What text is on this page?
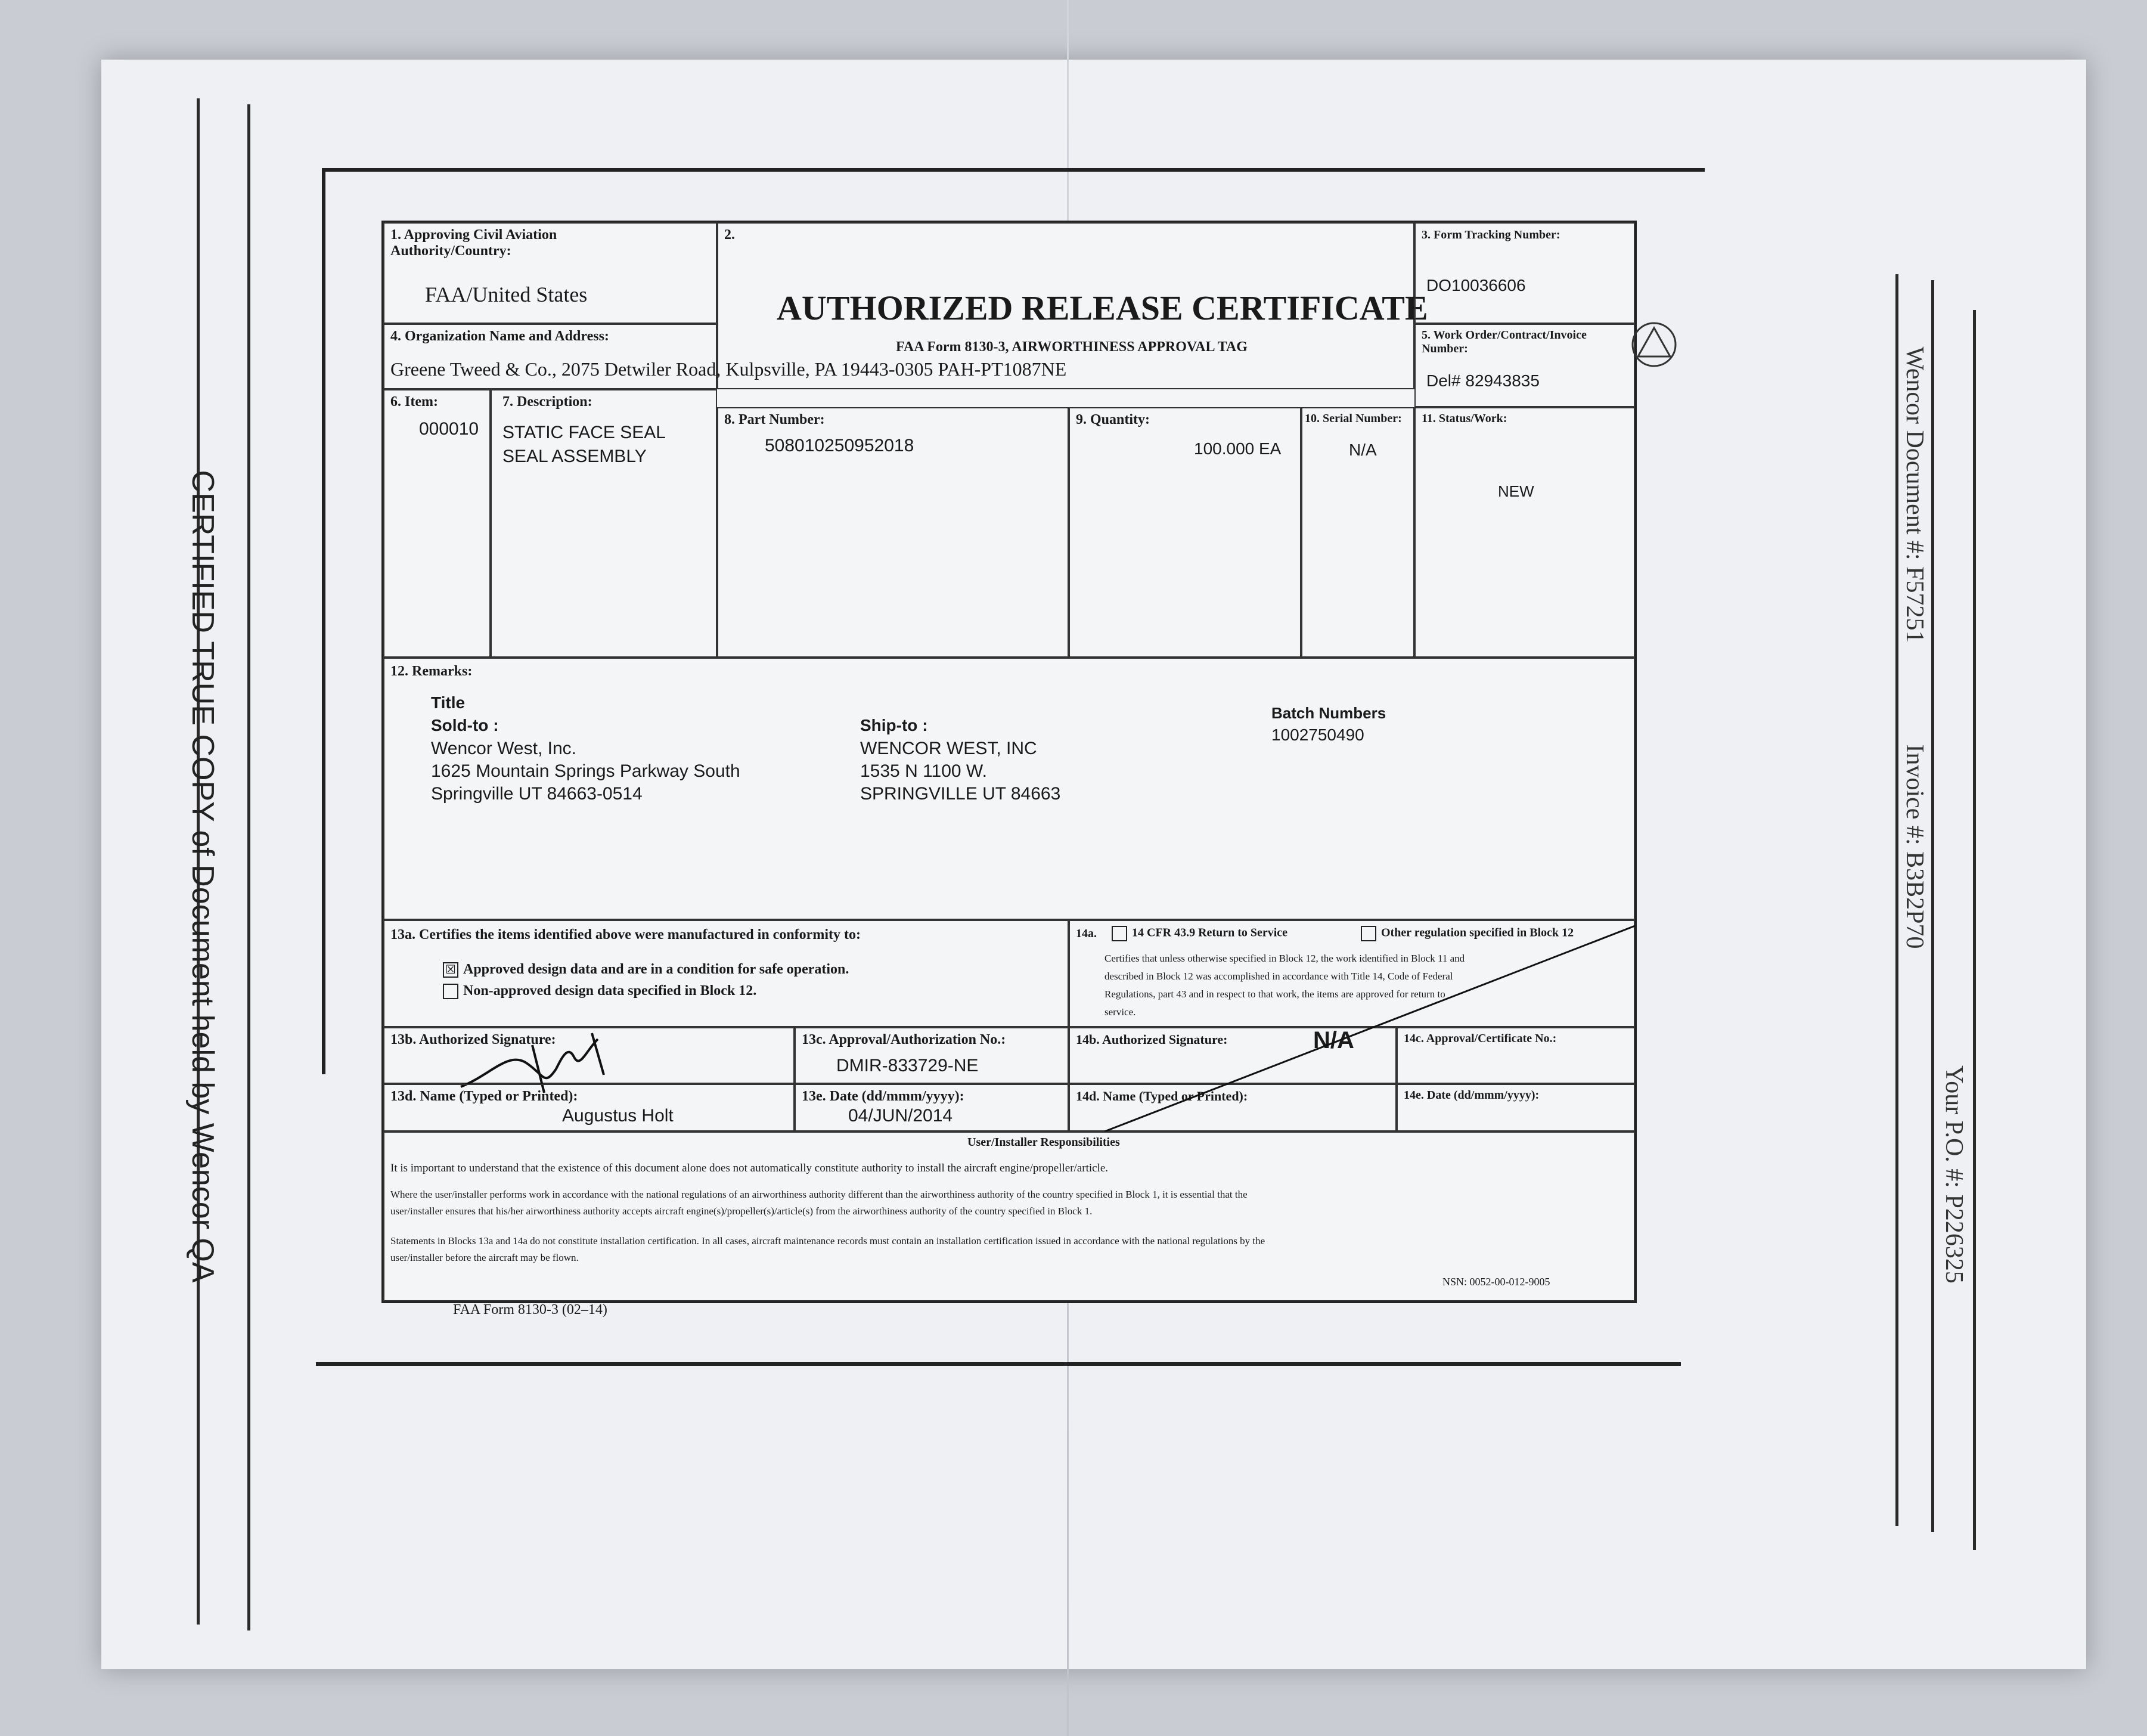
CERTIFIED TRUE COPY of Document held by Wencor QA	Wencor Document #: F57251
Invoice #: B3B2P70
Your P.O. #: P226325
1. Approving Civil Aviation Authority/Country:
FAA/United States
2.
AUTHORIZED RELEASE CERTIFICATE
FAA Form 8130-3, AIRWORTHINESS APPROVAL TAG
3. Form Tracking Number:
DO10036606
4. Organization Name and Address:
Greene Tweed & Co., 2075 Detwiler Road, Kulpsville, PA 19443-0305 PAH-PT1087NE
5. Work Order/Contract/Invoice Number:
Del# 82943835
6. Item:
000010
7. Description:
STATIC FACE SEAL
SEAL ASSEMBLY
8. Part Number:
508010250952018
9. Quantity:
100.000 EA
10. Serial Number:
N/A
11. Status/Work:
NEW
12. Remarks:
Title
Sold-to :
Wencor West, Inc.
1625 Mountain Springs Parkway South
Springville UT 84663-0514
Ship-to :
WENCOR WEST, INC
1535 N 1100 W.
SPRINGVILLE UT 84663
Batch Numbers
1002750490
13a. Certifies the items identified above were manufactured in conformity to:
☒ Approved design data and are in a condition for safe operation.
Non-approved design data specified in Block 12.
14a.	14 CFR 43.9 Return to Service	Other regulation specified in Block 12
Certifies that unless otherwise specified in Block 12, the work identified in Block 11 and
described in Block 12 was accomplished in accordance with Title 14, Code of Federal
Regulations, part 43 and in respect to that work, the items are approved for return to
service.
13b. Authorized Signature:	13c. Approval/Authorization No.:
DMIR-833729-NE
14b. Authorized Signature:	N/A	14c. Approval/Certificate No.:
13d. Name (Typed or Printed):
Augustus Holt
13e. Date (dd/mmm/yyyy):
04/JUN/2014
14d. Name (Typed or Printed):	14e. Date (dd/mmm/yyyy):
User/Installer Responsibilities
It is important to understand that the existence of this document alone does not automatically constitute authority to install the aircraft engine/propeller/article.
Where the user/installer performs work in accordance with the national regulations of an airworthiness authority different than the airworthiness authority of the country specified in Block 1, it is essential that the
user/installer ensures that his/her airworthiness authority accepts aircraft engine(s)/propeller(s)/article(s) from the airworthiness authority of the country specified in Block 1.
Statements in Blocks 13a and 14a do not constitute installation certification. In all cases, aircraft maintenance records must contain an installation certification issued in accordance with the national regulations by the
user/installer before the aircraft may be flown.
FAA Form 8130-3 (02–14)
NSN: 0052-00-012-9005
